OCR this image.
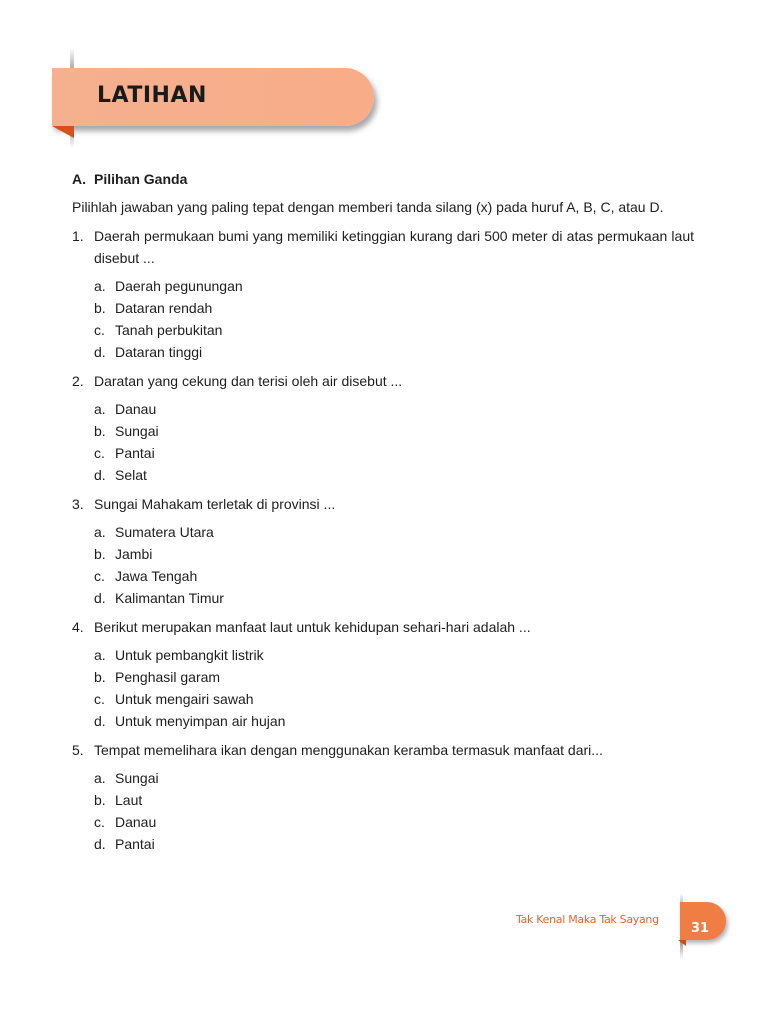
LATIHAN

A. Pilihan Ganda

Pilihlah jawaban yang paling tepat dengan memberi tanda silang (x) pada huruf A, B, C, atau D.

1. Daerah permukaan bumi yang memiliki ketinggian kurang dari 500 meter di atas permukaan laut disebut ...
a. Daerah pegunungan
b. Dataran rendah
c. Tanah perbukitan
d. Dataran tinggi
2. Daratan yang cekung dan terisi oleh air disebut ...
a. Danau
b. Sungai
c. Pantai
d. Selat
3. Sungai Mahakam terletak di provinsi ...
a. Sumatera Utara
b. Jambi
c. Jawa Tengah
d. Kalimantan Timur
4. Berikut merupakan manfaat laut untuk kehidupan sehari-hari adalah ...
a. Untuk pembangkit listrik
b. Penghasil garam
c. Untuk mengairi sawah
d. Untuk menyimpan air hujan
5. Tempat memelihara ikan dengan menggunakan keramba termasuk manfaat dari...
a. Sungai
b. Laut
c. Danau
d. Pantai
Tak Kenal Maka Tak Sayang
31
